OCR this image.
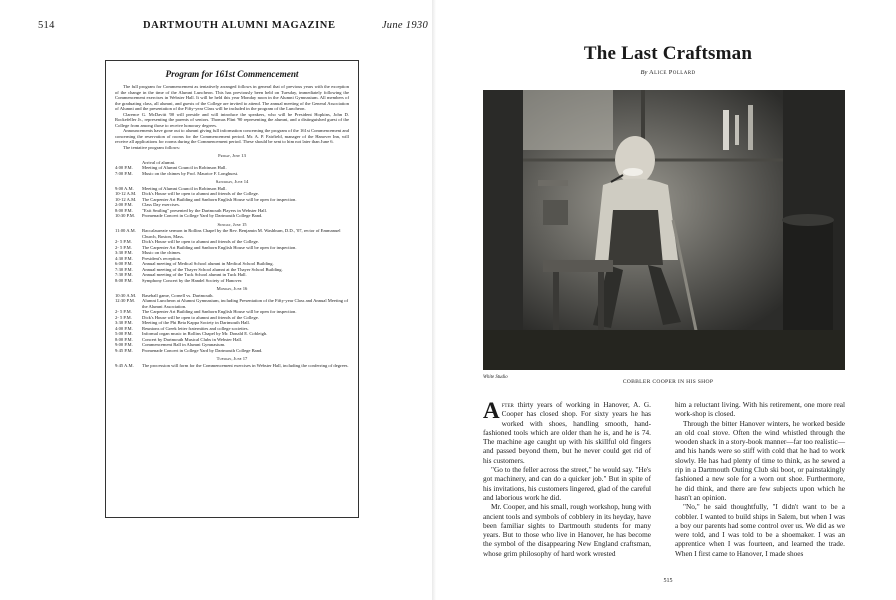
514	DARTMOUTH ALUMNI MAGAZINE	June 1930
Program for 161st Commencement

The full program for Commencement as tentatively arranged follows in general that of previous years with the exception of the change in the time of the Alumni Luncheon. This has previously been held on Tuesday, immediately following the Commencement exercises in Webster Hall. It will be held this year Monday noon in the Alumni Gymnasium. All members of the graduating class, all alumni, and guests of the College are invited to attend. The annual meeting of the General Association of Alumni and the presentation of the Fifty-year Class will be included in the program of the Luncheon.

Clarence G. McDavitt '00 will preside and will introduce the speakers, who will be President Hopkins, John D. Rockefeller Jr., representing the parents of seniors. Thomas Flint '90 representing the alumni, and a distinguished guest of the College from among those to receive honorary degrees.

Announcements have gone out to alumni giving full information concerning the program of the 161st Commencement and concerning the reservation of rooms for the Commencement period. Mr. A. P. Fairfield, manager of the Hanover Inn, will receive all applications for rooms during the Commencement period. These should be sent to him not later than June 6.

The tentative program follows:

Friday, June 13
Arrival of alumni.
4:00 P.M.	Meeting of Alumni Council in Robinson Hall.
7:00 P.M.	Music on the chimes by Prof. Maurice F. Longhurst.
Saturday, June 14
9:00 A.M.	Meeting of Alumni Council in Robinson Hall.
10-12 A.M.	Dick's House will be open to alumni and friends of the College.
10-12 A.M.	The Carpenter Art Building and Sanborn English House will be open for inspection.
2:00 P.M.	Class Day exercises.
8:00 P.M.	"Exit Smiling" presented by the Dartmouth Players in Webster Hall.
10:30 P.M.	Promenade Concert in College Yard by Dartmouth College Band.
Sunday, June 15
11:00 A.M.	Baccalaureate sermon in Rollins Chapel by the Rev. Benjamin M. Washburn, D.D., '07, rector of Emmanuel Church, Boston, Mass.
2- 5 P.M.	Dick's House will be open to alumni and friends of the College.
2- 5 P.M.	The Carpenter Art Building and Sanborn English House will be open for inspection.
3:30 P.M.	Music on the chimes.
4:30 P.M.	President's reception.
6:00 P.M.	Annual meeting of Medical School alumni in Medical School Building.
7:30 P.M.	Annual meeting of the Thayer School alumni at the Thayer School Building.
7:30 P.M.	Annual meeting of the Tuck School alumni in Tuck Hall.
8:00 P.M.	Symphony Concert by the Handel Society of Hanover.
Monday, June 16
10:30 A.M.	Baseball game, Cornell vs. Dartmouth.
12:30 P.M.	Alumni Luncheon at Alumni Gymnasium, including Presentation of the Fifty-year Class and Annual Meeting of the Alumni Association.
2- 5 P.M.	The Carpenter Art Building and Sanborn English House will be open for inspection.
2- 5 P.M.	Dick's House will be open to alumni and friends of the College.
3:30 P.M.	Meeting of the Phi Beta Kappa Society in Dartmouth Hall.
4:00 P.M.	Reunions of Greek letter fraternities and college societies.
5:00 P.M.	Informal organ music in Rollins Chapel by Mr. Donald E. Cobleigh.
8:00 P.M.	Concert by Dartmouth Musical Clubs in Webster Hall.
9:00 P.M.	Commencement Ball in Alumni Gymnasium.
9:45 P.M.	Promenade Concert in College Yard by Dartmouth College Band.
Tuesday, June 17
9:45 A.M.	The procession will form for the Commencement exercises in Webster Hall, including the conferring of degrees.
The Last Craftsman
By Alice Pollard
White Studio
COBBLER COOPER IN HIS SHOP

After thirty years of working in Hanover, A. G. Cooper has closed shop. For sixty years he has worked with shoes, handling smooth, hand-fashioned tools which are older than he is, and he is 74. The machine age caught up with his skillful old fingers and passed beyond them, but he never could get rid of his customers.

"Go to the feller across the street," he would say. "He's got machinery, and can do a quicker job." But in spite of his invitations, his customers lingered, glad of the careful and laborious work he did.

Mr. Cooper, and his small, rough workshop, hung with ancient tools and symbols of cobblery in its heyday, have been familiar sights to Dartmouth students for many years. But to those who live in Hanover, he has become the symbol of the disappearing New England craftsman, whose grim philosophy of hard work wrested

him a reluctant living. With his retirement, one more real work-shop is closed.

Through the bitter Hanover winters, he worked beside an old coal stove. Often the wind whistled through the wooden shack in a story-book manner—far too realistic—and his hands were so stiff with cold that he had to work slowly. He has had plenty of time to think, as he sewed a rip in a Dartmouth Outing Club ski boot, or painstakingly fashioned a new sole for a worn out shoe. Furthermore, he did think, and there are few subjects upon which he hasn't an opinion.

"No," he said thoughtfully, "I didn't want to be a cobbler. I wanted to build ships in Salem, but when I was a boy our parents had some control over us. We did as we were told, and I was told to be a shoemaker. I was an apprentice when I was fourteen, and learned the trade. When I first came to Hanover, I made shoes

515
